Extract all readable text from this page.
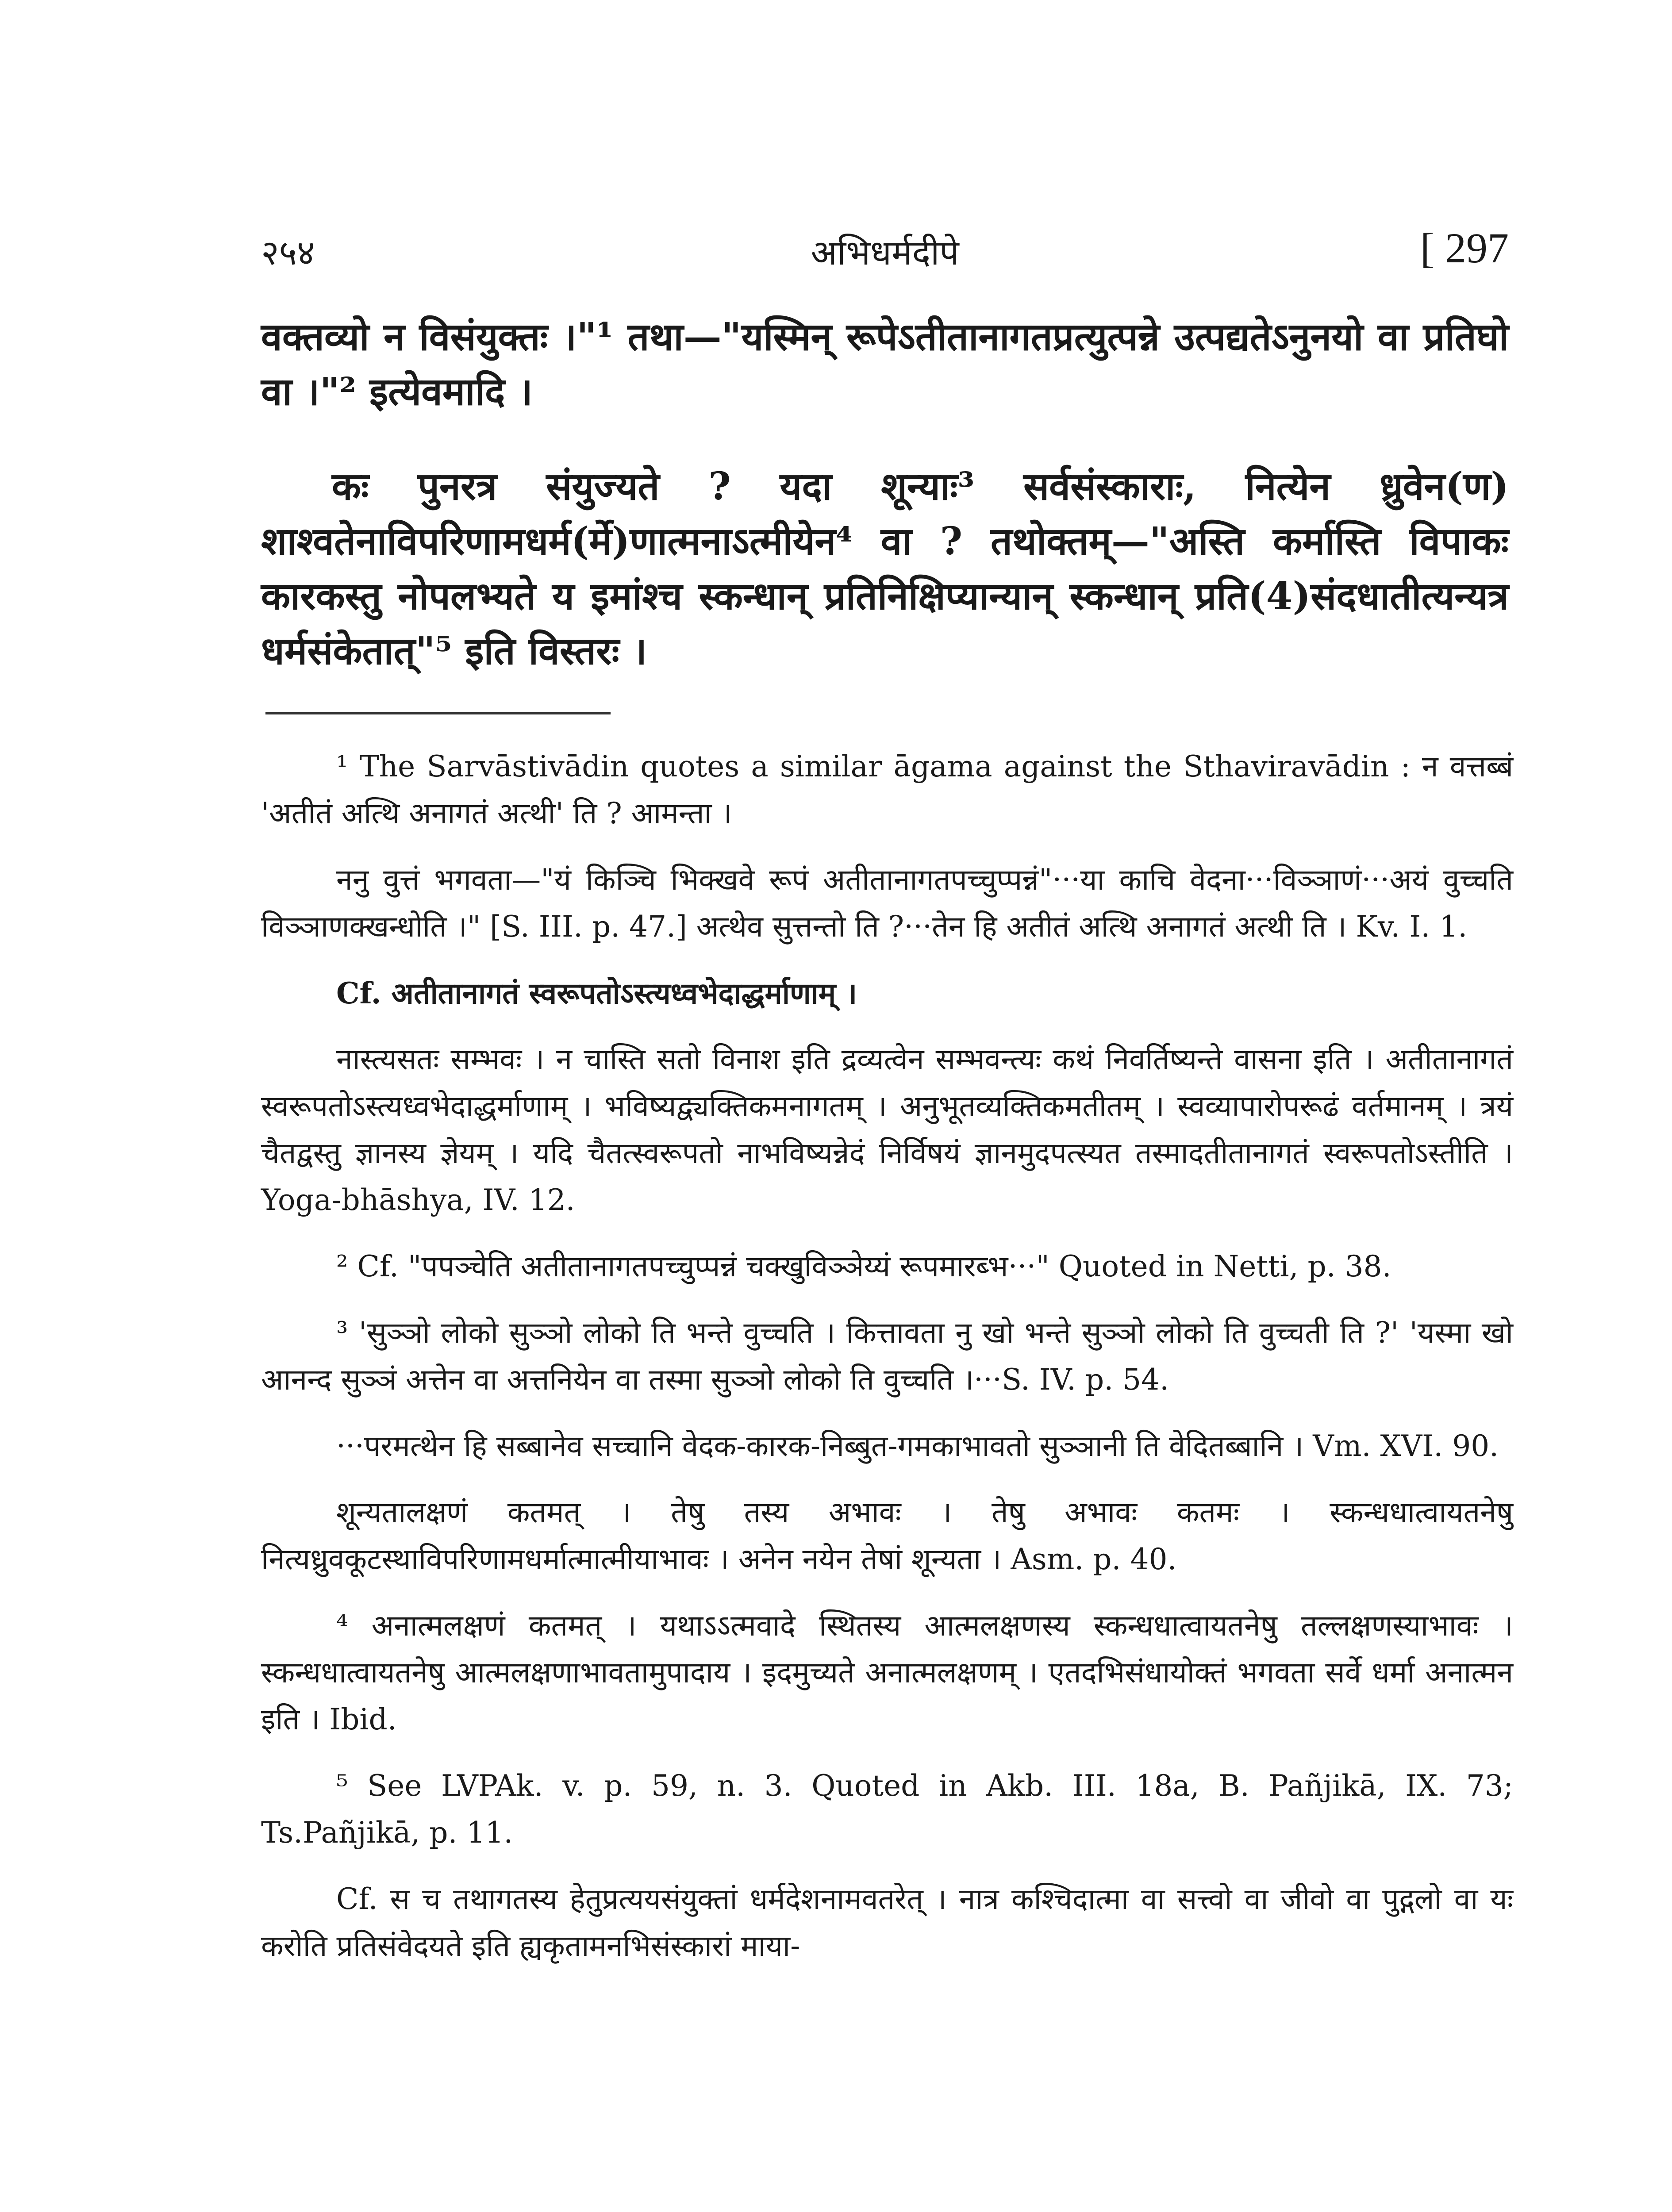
२५४	अभिधर्मदीपे	[ 297

वक्तव्यो न विसंयुक्तः ।"¹ तथा—"यस्मिन् रूपेऽतीतानागतप्रत्युत्पन्ने उत्पद्यतेऽनुनयो वा प्रतिघो वा ।"² इत्येवमादि ।

कः पुनरत्र संयुज्यते ? यदा शून्याः³ सर्वसंस्काराः, नित्येन ध्रुवेन(ण) शाश्वतेनाविपरिणामधर्म(र्मे)णात्मनाऽत्मीयेन⁴ वा ? तथोक्तम्—"अस्ति कर्मास्ति विपाकः कारकस्तु नोपलभ्यते य इमांश्च स्कन्धान् प्रतिनिक्षिप्यान्यान् स्कन्धान् प्रति(4)संदधातीत्यन्यत्र धर्मसंकेतात्"⁵ इति विस्तरः ।

¹ The Sarvāstivādin quotes a similar āgama against the Sthaviravādin : न वत्तब्बं 'अतीतं अत्थि अनागतं अत्थी' ति ? आमन्ता ।

ननु वुत्तं भगवता—"यं किञ्चि भिक्खवे रूपं अतीतानागतपच्चुप्पन्नं"···या काचि वेदना···विञ्ञाणं···अयं वुच्चति विञ्ञाणक्खन्धोति ।" [S. III. p. 47.] अत्थेव सुत्तन्तो ति ?···तेन हि अतीतं अत्थि अनागतं अत्थी ति । Kv. I. 1.

Cf. अतीतानागतं स्वरूपतोऽस्त्यध्वभेदाद्धर्माणाम् ।

नास्त्यसतः सम्भवः । न चास्ति सतो विनाश इति द्रव्यत्वेन सम्भवन्त्यः कथं निवर्तिष्यन्ते वासना इति । अतीतानागतं स्वरूपतोऽस्त्यध्वभेदाद्धर्माणाम् । भविष्यद्व्यक्तिकमनागतम् । अनुभूतव्यक्तिकमतीतम् । स्वव्यापारोपरूढं वर्तमानम् । त्रयं चैतद्वस्तु ज्ञानस्य ज्ञेयम् । यदि चैतत्स्वरूपतो नाभविष्यन्नेदं निर्विषयं ज्ञानमुदपत्स्यत तस्मादतीतानागतं स्वरूपतोऽस्तीति । Yoga-bhāshya, IV. 12.

² Cf. "पपञ्चेति अतीतानागतपच्चुप्पन्नं चक्खुविञ्ञेय्यं रूपमारब्भ···" Quoted in Netti, p. 38.

³ 'सुञ्ञो लोको सुञ्ञो लोको ति भन्ते वुच्चति । कित्तावता नु खो भन्ते सुञ्ञो लोको ति वुच्चती ति ?' 'यस्मा खो आनन्द सुञ्ञं अत्तेन वा अत्तनियेन वा तस्मा सुञ्ञो लोको ति वुच्चति ।···S. IV. p. 54.

···परमत्थेन हि सब्बानेव सच्चानि वेदक-कारक-निब्बुत-गमकाभावतो सुञ्ञानी ति वेदितब्बानि । Vm. XVI. 90.

शून्यतालक्षणं कतमत् । तेषु तस्य अभावः । तेषु अभावः कतमः । स्कन्धधात्वायतनेषु नित्यध्रुवकूटस्थाविपरिणामधर्मात्मात्मीयाभावः । अनेन नयेन तेषां शून्यता । Asm. p. 40.

⁴ अनात्मलक्षणं कतमत् । यथाऽऽत्मवादे स्थितस्य आत्मलक्षणस्य स्कन्धधात्वायतनेषु तल्लक्षणस्याभावः । स्कन्धधात्वायतनेषु आत्मलक्षणाभावतामुपादाय । इदमुच्यते अनात्मलक्षणम् । एतदभिसंधायोक्तं भगवता सर्वे धर्मा अनात्मन इति । Ibid.

⁵ See LVPAk. v. p. 59, n. 3. Quoted in Akb. III. 18a, B. Pañjikā, IX. 73; Ts.Pañjikā, p. 11.

Cf. स च तथागतस्य हेतुप्रत्ययसंयुक्तां धर्मदेशनामवतरेत् । नात्र कश्चिदात्मा वा सत्त्वो वा जीवो वा पुद्गलो वा यः करोति प्रतिसंवेदयते इति ह्यकृतामनभिसंस्कारां माया-
